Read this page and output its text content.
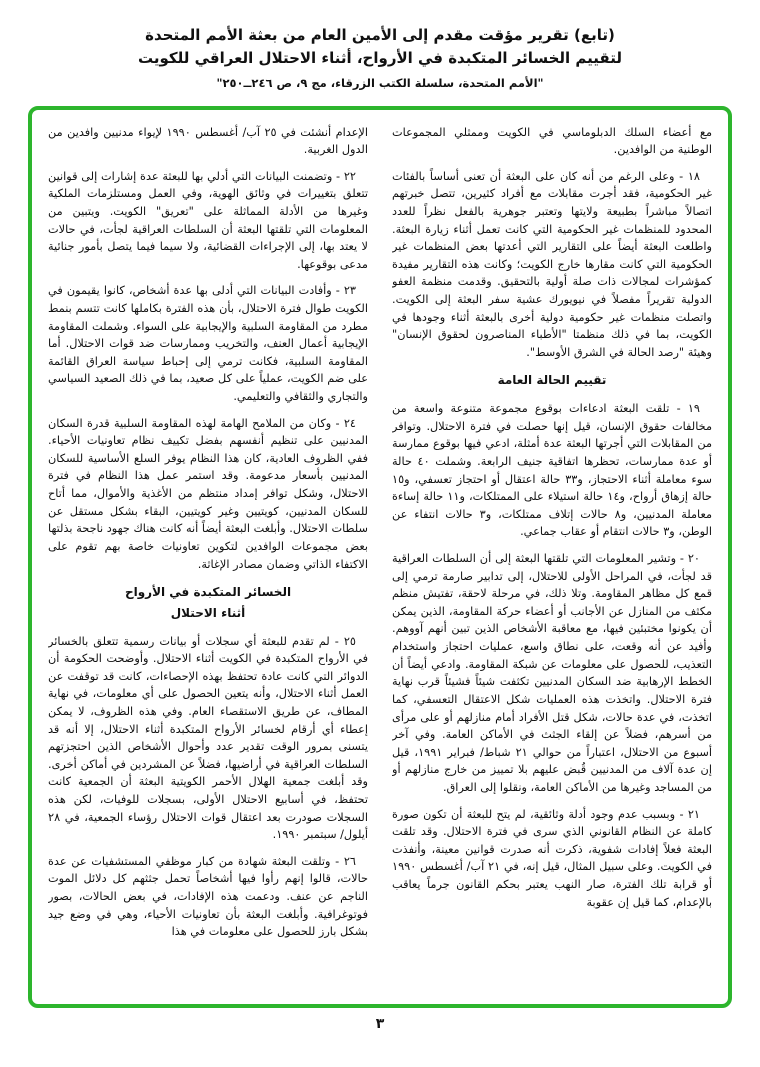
(تابع) تقرير مؤقت مقدم إلى الأمين العام من بعثة الأمم المتحدة
لتقييم الخسائر المتكبدة في الأرواح، أثناء الاحتلال العراقي للكويت
"الأمم المتحدة، سلسلة الكتب الزرقاء، مج ٩، ص ٢٤٦ــ٢٥٠"

مع أعضاء السلك الدبلوماسي في الكويت وممثلي المجموعات الوطنية من الوافدين.

١٨ - وعلى الرغم من أنه كان على البعثة أن تعنى أساساً بالفئات غير الحكومية، فقد أجرت مقابلات مع أفراد كثيرين، تتصل خبرتهم اتصالاً مباشراً بطبيعة ولايتها وتعتبر جوهرية بالفعل نظراً للعدد المحدود للمنظمات غير الحكومية التي كانت تعمل أثناء زيارة البعثة. واطلعت البعثة أيضاً على التقارير التي أعدتها بعض المنظمات غير الحكومية التي كانت مقارها خارج الكويت؛ وكانت هذه التقارير مفيدة كمؤشرات لمجالات ذات صلة أولية بالتحقيق. وقدمت منظمة العفو الدولية تقريراً مفصلاً في نيويورك عشية سفر البعثة إلى الكويت. واتصلت منظمات غير حكومية دولية أخرى بالبعثة أثناء وجودها في الكويت، بما في ذلك منظمتا "الأطباء المناصرون لحقوق الإنسان" وهيئة "رصد الحالة في الشرق الأوسط".

تقييم الحالة العامة

١٩ - تلقت البعثة ادعاءات بوقوع مجموعة متنوعة واسعة من مخالفات حقوق الإنسان، قيل إنها حصلت في فترة الاحتلال. وتوافر من المقابلات التي أجرتها البعثة عدة أمثلة، ادعي فيها بوقوع ممارسة أو عدة ممارسات، تحظرها اتفاقية جنيف الرابعة. وشملت ٤٠ حالة سوء معاملة أثناء الاحتجاز، و٣٣ حالة اعتقال أو احتجاز تعسفي، و١٥ حالة إزهاق أرواح، و١٤ حالة استيلاء على الممتلكات، و١١ حالة إساءة معاملة المدنيين، و٨ حالات إتلاف ممتلكات، و٣ حالات انتفاء عن الوطن، و٣ حالات انتقام أو عقاب جماعي.

٢٠ - وتشير المعلومات التي تلقتها البعثة إلى أن السلطات العراقية قد لجأت، في المراحل الأولى للاحتلال، إلى تدابير صارمة ترمي إلى قمع كل مظاهر المقاومة. وتلا ذلك، في مرحلة لاحقة، تفتيش منظم مكثف من المنازل عن الأجانب أو أعضاء حركة المقاومة، الذين يمكن أن يكونوا مختبئين فيها، مع معاقبة الأشخاص الذين تبين أنهم آووهم. وأفيد عن أنه وقعت، على نطاق واسع، عمليات احتجاز واستخدام التعذيب، للحصول على معلومات عن شبكة المقاومة. وادعي أيضاً أن الخطط الإرهابية ضد السكان المدنيين تكثفت شيئاً فشيئاً قرب نهاية فترة الاحتلال. واتخذت هذه العمليات شكل الاعتقال التعسفي، كما اتخذت، في عدة حالات، شكل قتل الأفراد أمام منازلهم أو على مرأى من أسرهم، فضلاً عن إلقاء الجثث في الأماكن العامة. وفي آخر أسبوع من الاحتلال، اعتباراً من حوالي ٢١ شباط/ فبراير ١٩٩١، قيل إن عدة آلاف من المدنيين قُبض عليهم بلا تمييز من خارج منازلهم أو من المساجد وغيرها من الأماكن العامة، ونقلوا إلى العراق.

٢١ - وبسبب عدم وجود أدلة وثائقية، لم يتح للبعثة أن تكون صورة كاملة عن النظام القانوني الذي سرى في فترة الاحتلال. وقد تلقت البعثة فعلاً إفادات شفوية، ذكرت أنه صدرت قوانين معينة، وأنفذت في الكويت. وعلى سبيل المثال، قيل إنه، في ٢١ آب/ أغسطس ١٩٩٠ أو قرابة تلك الفترة، صار النهب يعتبر بحكم القانون جرماً يعاقب بالإعدام، كما قيل إن عقوبة

الإعدام أنشئت في ٢٥ آب/ أغسطس ١٩٩٠ لإيواء مدنيين وافدين من الدول الغربية.

٢٢ - وتضمنت البيانات التي أدلي بها للبعثة عدة إشارات إلى قوانين تتعلق بتغييرات في وثائق الهوية، وفي العمل ومستلزمات الملكية وغيرها من الأدلة المماثلة على "تعريق" الكويت. ويتبين من المعلومات التي تلقتها البعثة أن السلطات العراقية لجأت، في حالات لا يعتد بها، إلى الإجراءات القضائية، ولا سيما فيما يتصل بأمور جنائية مدعى بوقوعها.

٢٣ - وأفادت البيانات التي أدلى بها عدة أشخاص، كانوا يقيمون في الكويت طوال فترة الاحتلال، بأن هذه الفترة بكاملها كانت تتسم بنمط مطرد من المقاومة السلبية والإيجابية على السواء. وشملت المقاومة الإيجابية أعمال العنف، والتخريب وممارسات ضد قوات الاحتلال. أما المقاومة السلبية، فكانت ترمي إلى إحباط سياسة العراق القائمة على ضم الكويت، عملياً على كل صعيد، بما في ذلك الصعيد السياسي والتجاري والثقافي والتعليمي.

٢٤ - وكان من الملامح الهامة لهذه المقاومة السلبية قدرة السكان المدنيين على تنظيم أنفسهم بفضل تكييف نظام تعاونيات الأحياء. ففي الظروف العادية، كان هذا النظام يوفر السلع الأساسية للسكان المدنيين بأسعار مدعومة. وقد استمر عمل هذا النظام في فترة الاحتلال، وشكل توافر إمداد منتظم من الأغذية والأموال، مما أتاح للسكان المدنيين، كويتيين وغير كويتيين، البقاء بشكل مستقل عن سلطات الاحتلال. وأبلغت البعثة أيضاً أنه كانت هناك جهود ناجحة بذلتها بعض مجموعات الوافدين لتكوين تعاونيات خاصة بهم تقوم على الاكتفاء الذاتي وضمان مصادر الإغاثة.

الخسائر المتكبدة في الأرواح
أثناء الاحتلال

٢٥ - لم تقدم للبعثة أي سجلات أو بيانات رسمية تتعلق بالخسائر في الأرواح المتكبدة في الكويت أثناء الاحتلال. وأوضحت الحكومة أن الدوائر التي كانت عادة تحتفظ بهذه الإحصاءات، كانت قد توقفت عن العمل أثناء الاحتلال، وأنه يتعين الحصول على أي معلومات، في نهاية المطاف، عن طريق الاستقصاء العام. وفي هذه الظروف، لا يمكن إعطاء أي أرقام لخسائر الأرواح المتكبدة أثناء الاحتلال، إلا أنه قد يتسنى بمرور الوقت تقدير عدد وأحوال الأشخاص الذين احتجزتهم السلطات العراقية في أراضيها، فضلاً عن المشردين في أماكن أخرى. وقد أبلغت جمعية الهلال الأحمر الكويتية البعثة أن الجمعية كانت تحتفظ، في أسابيع الاحتلال الأولى، بسجلات للوفيات، لكن هذه السجلات صودرت بعد اعتقال قوات الاحتلال رؤساء الجمعية، في ٢٨ أيلول/ سبتمبر ١٩٩٠.

٢٦ - وتلقت البعثة شهادة من كبار موظفي المستشفيات عن عدة حالات، قالوا إنهم رأوا فيها أشخاصاً تحمل جثثهم كل دلائل الموت الناجم عن عنف. ودعمت هذه الإفادات، في بعض الحالات، بصور فوتوغرافية. وأبلغت البعثة بأن تعاونيات الأحياء، وهي في وضع جيد بشكل بارز للحصول على معلومات في هذا

٣
